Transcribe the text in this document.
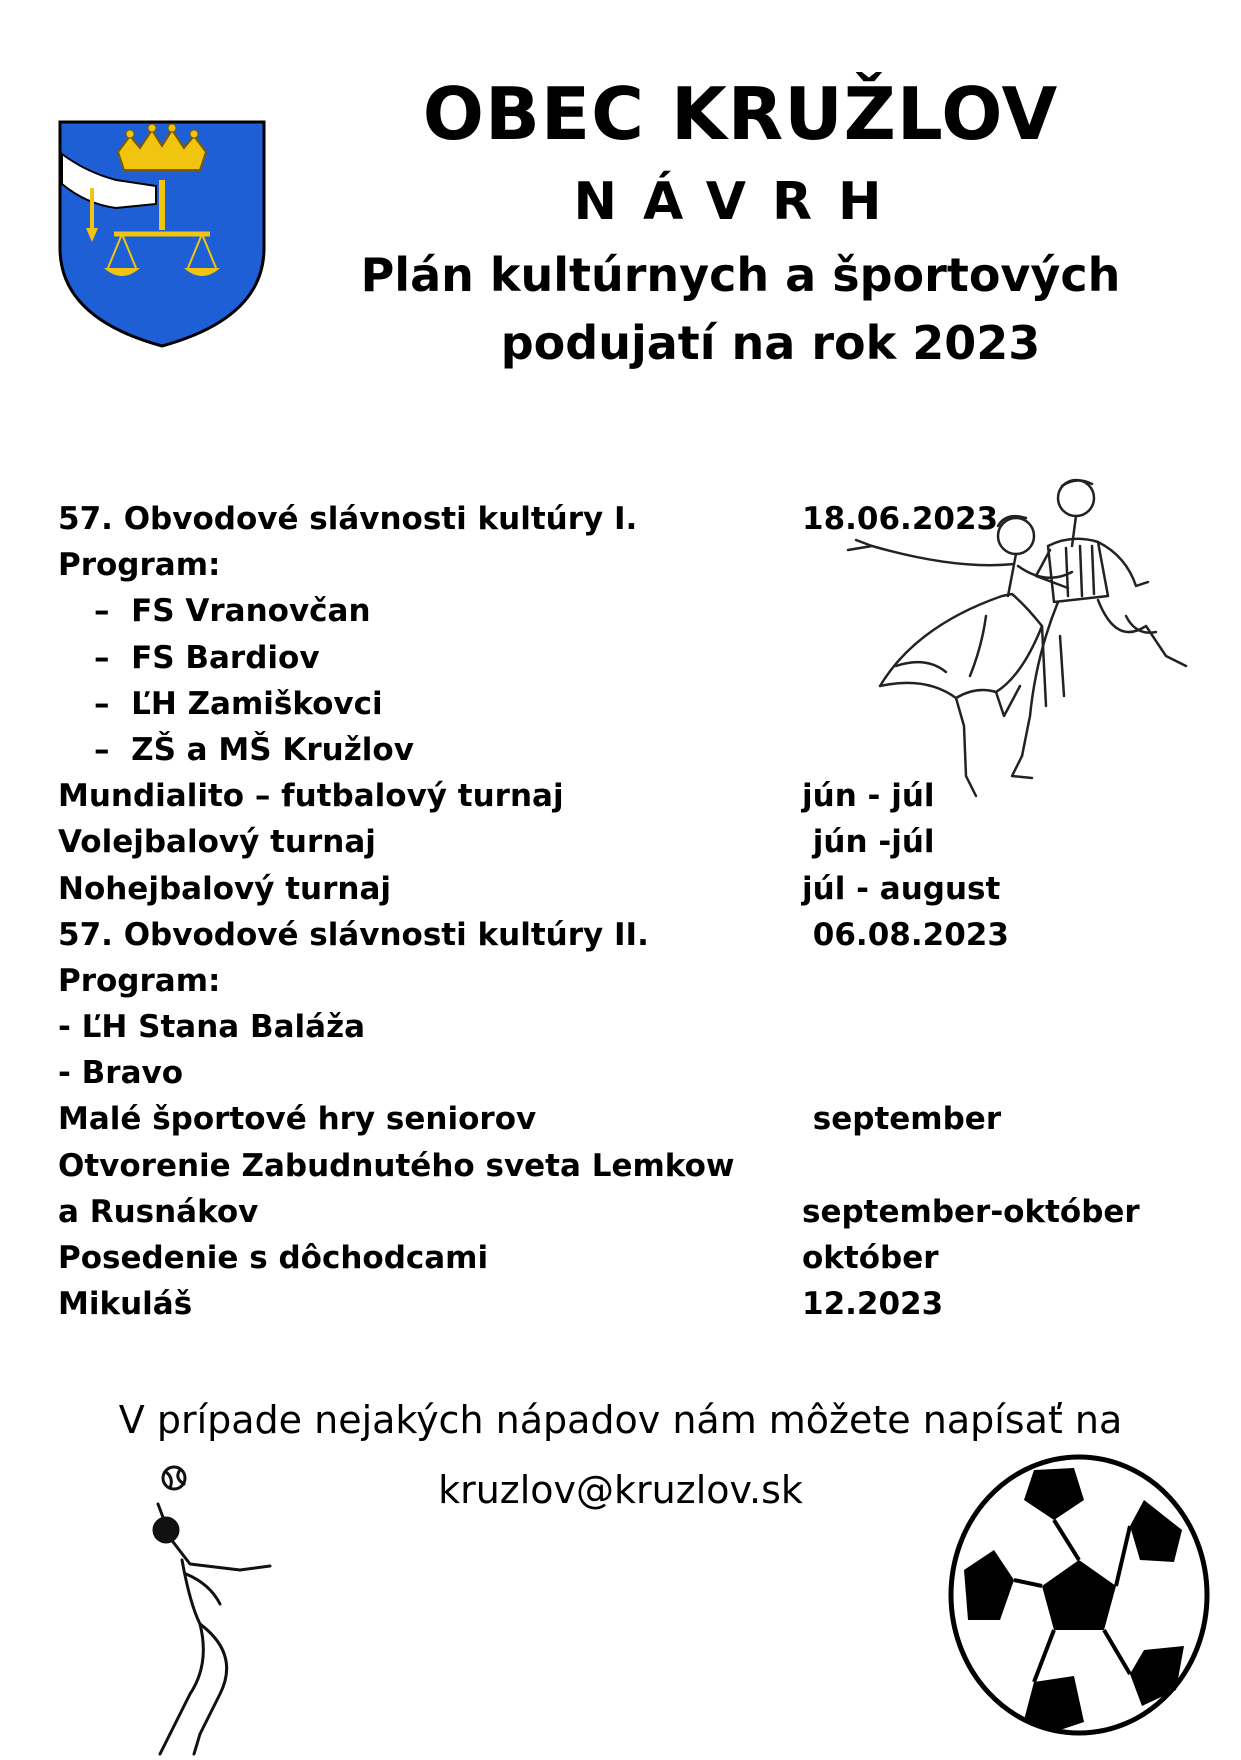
OBEC KRUŽLOV
NÁVRH
Plán kultúrnych a športových
podujatí na rok 2023
57. Obvodové slávnosti kultúry I.	18.06.2023
Program:
–  FS Vranovčan
–  FS Bardiov
–  ĽH Zamiškovci
–  ZŠ a MŠ Kružlov
Mundialito – futbalový turnaj	jún - júl
Volejbalový turnaj	jún -júl
Nohejbalový turnaj	júl - august
57. Obvodové slávnosti kultúry II.	06.08.2023
Program:
- ĽH Stana Baláža
- Bravo
Malé športové hry seniorov	september
Otvorenie Zabudnutého sveta Lemkow
a Rusnákov	september-október
Posedenie s dôchodcami	október
Mikuláš	12.2023
V prípade nejakých nápadov nám môžete napísať na
kruzlov@kruzlov.sk
